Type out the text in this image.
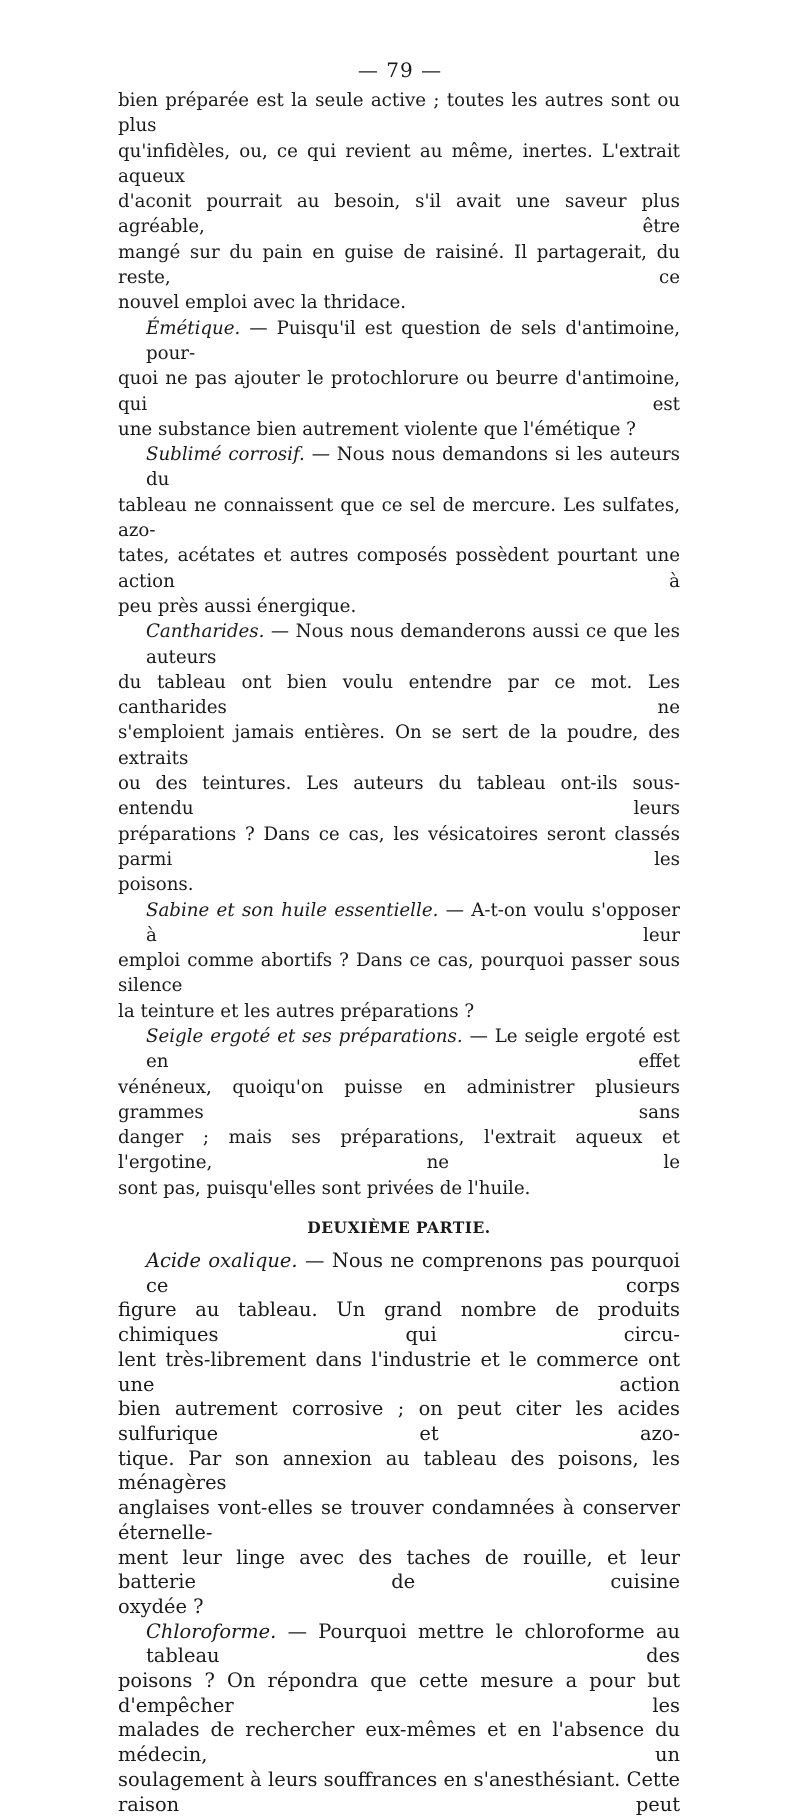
— 79 —
bien préparée est la seule active ; toutes les autres sont ou plus
qu'infidèles, ou, ce qui revient au même, inertes. L'extrait aqueux
d'aconit pourrait au besoin, s'il avait une saveur plus agréable, être
mangé sur du pain en guise de raisiné. Il partagerait, du reste, ce
nouvel emploi avec la thridace.
Émétique. — Puisqu'il est question de sels d'antimoine, pour-
quoi ne pas ajouter le protochlorure ou beurre d'antimoine, qui est
une substance bien autrement violente que l'émétique ?
Sublimé corrosif. — Nous nous demandons si les auteurs du
tableau ne connaissent que ce sel de mercure. Les sulfates, azo-
tates, acétates et autres composés possèdent pourtant une action à
peu près aussi énergique.
Cantharides. — Nous nous demanderons aussi ce que les auteurs
du tableau ont bien voulu entendre par ce mot. Les cantharides ne
s'emploient jamais entières. On se sert de la poudre, des extraits
ou des teintures. Les auteurs du tableau ont-ils sous-entendu leurs
préparations ? Dans ce cas, les vésicatoires seront classés parmi les
poisons.
Sabine et son huile essentielle. — A-t-on voulu s'opposer à leur
emploi comme abortifs ? Dans ce cas, pourquoi passer sous silence
la teinture et les autres préparations ?
Seigle ergoté et ses préparations. — Le seigle ergoté est en effet
vénéneux, quoiqu'on puisse en administrer plusieurs grammes sans
danger ; mais ses préparations, l'extrait aqueux et l'ergotine, ne le
sont pas, puisqu'elles sont privées de l'huile.
DEUXIÈME PARTIE.
Acide oxalique. — Nous ne comprenons pas pourquoi ce corps
figure au tableau. Un grand nombre de produits chimiques qui circu-
lent très-librement dans l'industrie et le commerce ont une action
bien autrement corrosive ; on peut citer les acides sulfurique et azo-
tique. Par son annexion au tableau des poisons, les ménagères
anglaises vont-elles se trouver condamnées à conserver éternelle-
ment leur linge avec des taches de rouille, et leur batterie de cuisine
oxydée ?
Chloroforme. — Pourquoi mettre le chloroforme au tableau des
poisons ? On répondra que cette mesure a pour but d'empêcher les
malades de rechercher eux-mêmes et en l'absence du médecin, un
soulagement à leurs souffrances en s'anesthésiant. Cette raison peut
